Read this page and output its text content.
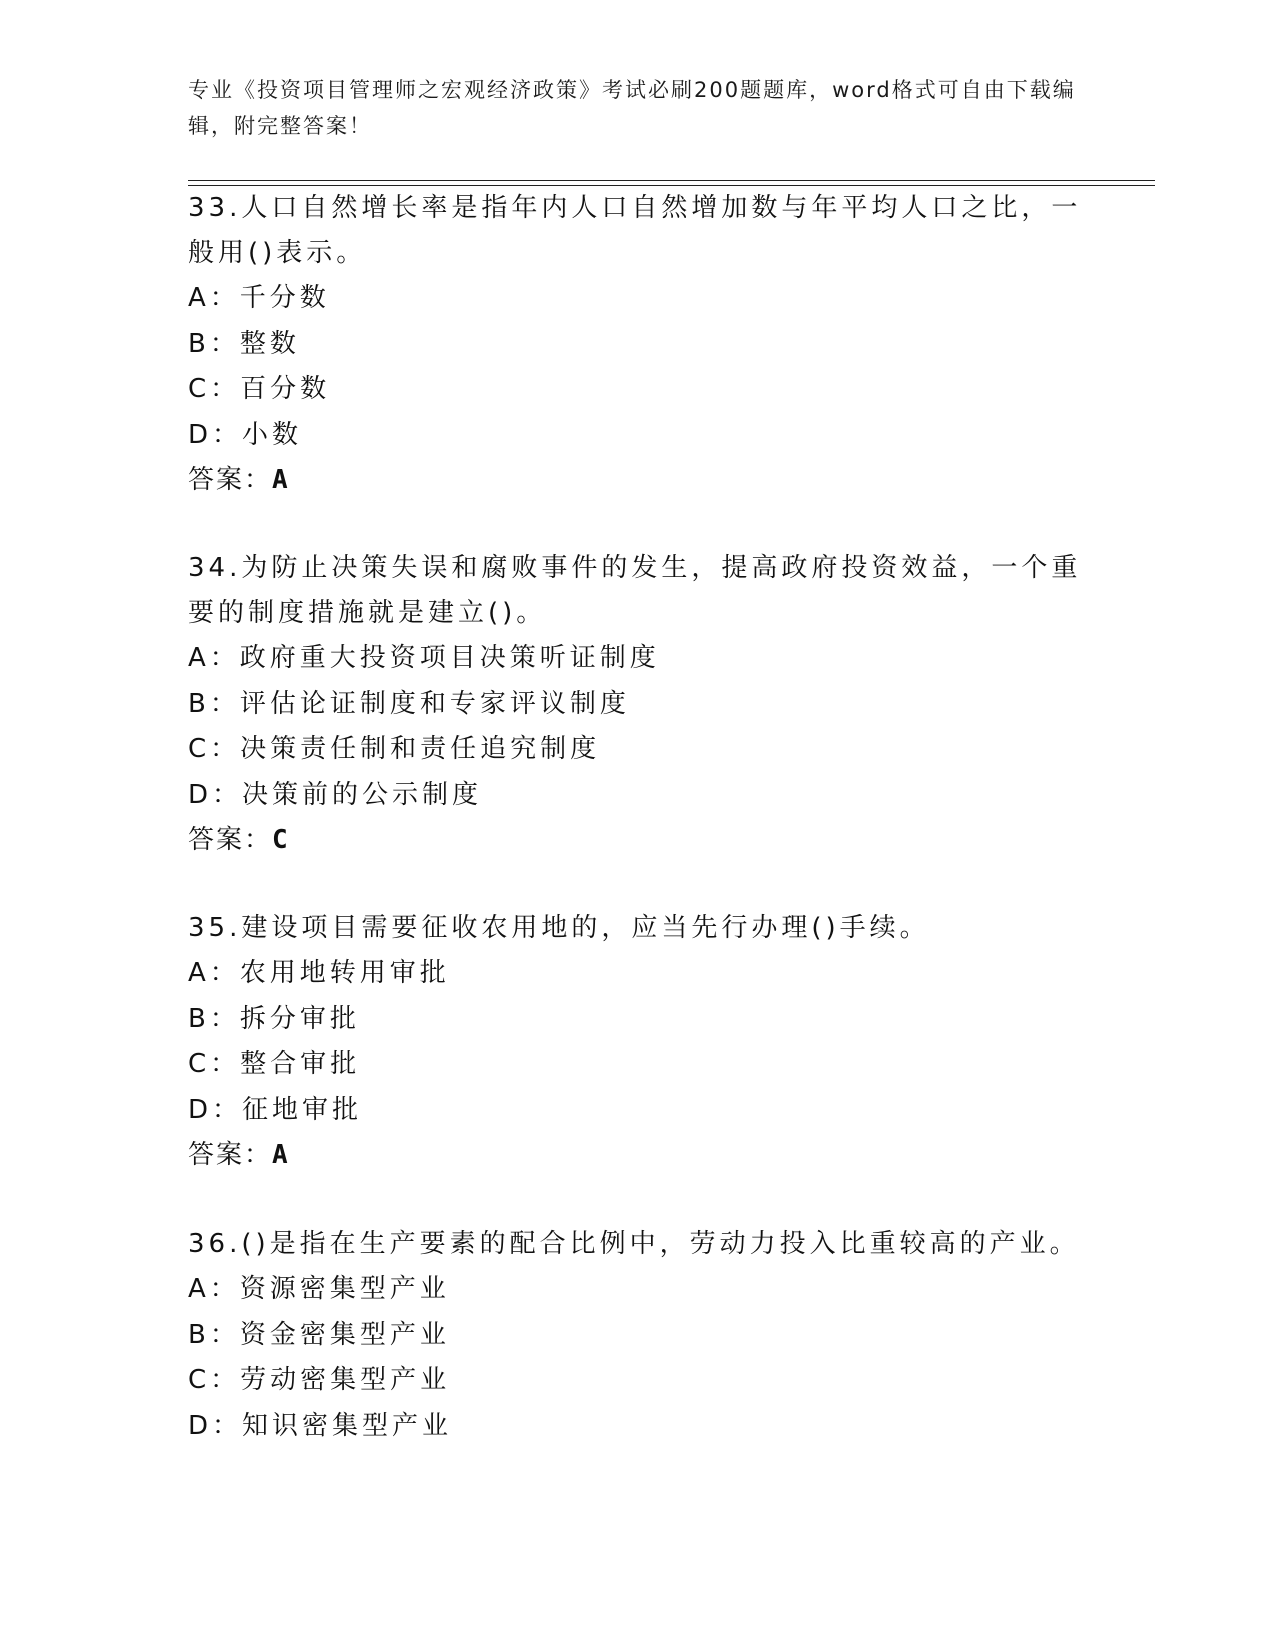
专业《投资项目管理师之宏观经济政策》考试必刷200题题库，word格式可自由下载编辑，附完整答案！

33.人口自然增长率是指年内人口自然增加数与年平均人口之比，一般用()表示。

A：千分数

B：整数

C：百分数

D：小数

答案：A

34.为防止决策失误和腐败事件的发生，提高政府投资效益，一个重要的制度措施就是建立()。

A：政府重大投资项目决策听证制度

B：评估论证制度和专家评议制度

C：决策责任制和责任追究制度

D：决策前的公示制度

答案：C

35.建设项目需要征收农用地的，应当先行办理()手续。

A：农用地转用审批

B：拆分审批

C：整合审批

D：征地审批

答案：A

36.()是指在生产要素的配合比例中，劳动力投入比重较高的产业。

A：资源密集型产业

B：资金密集型产业

C：劳动密集型产业

D：知识密集型产业
